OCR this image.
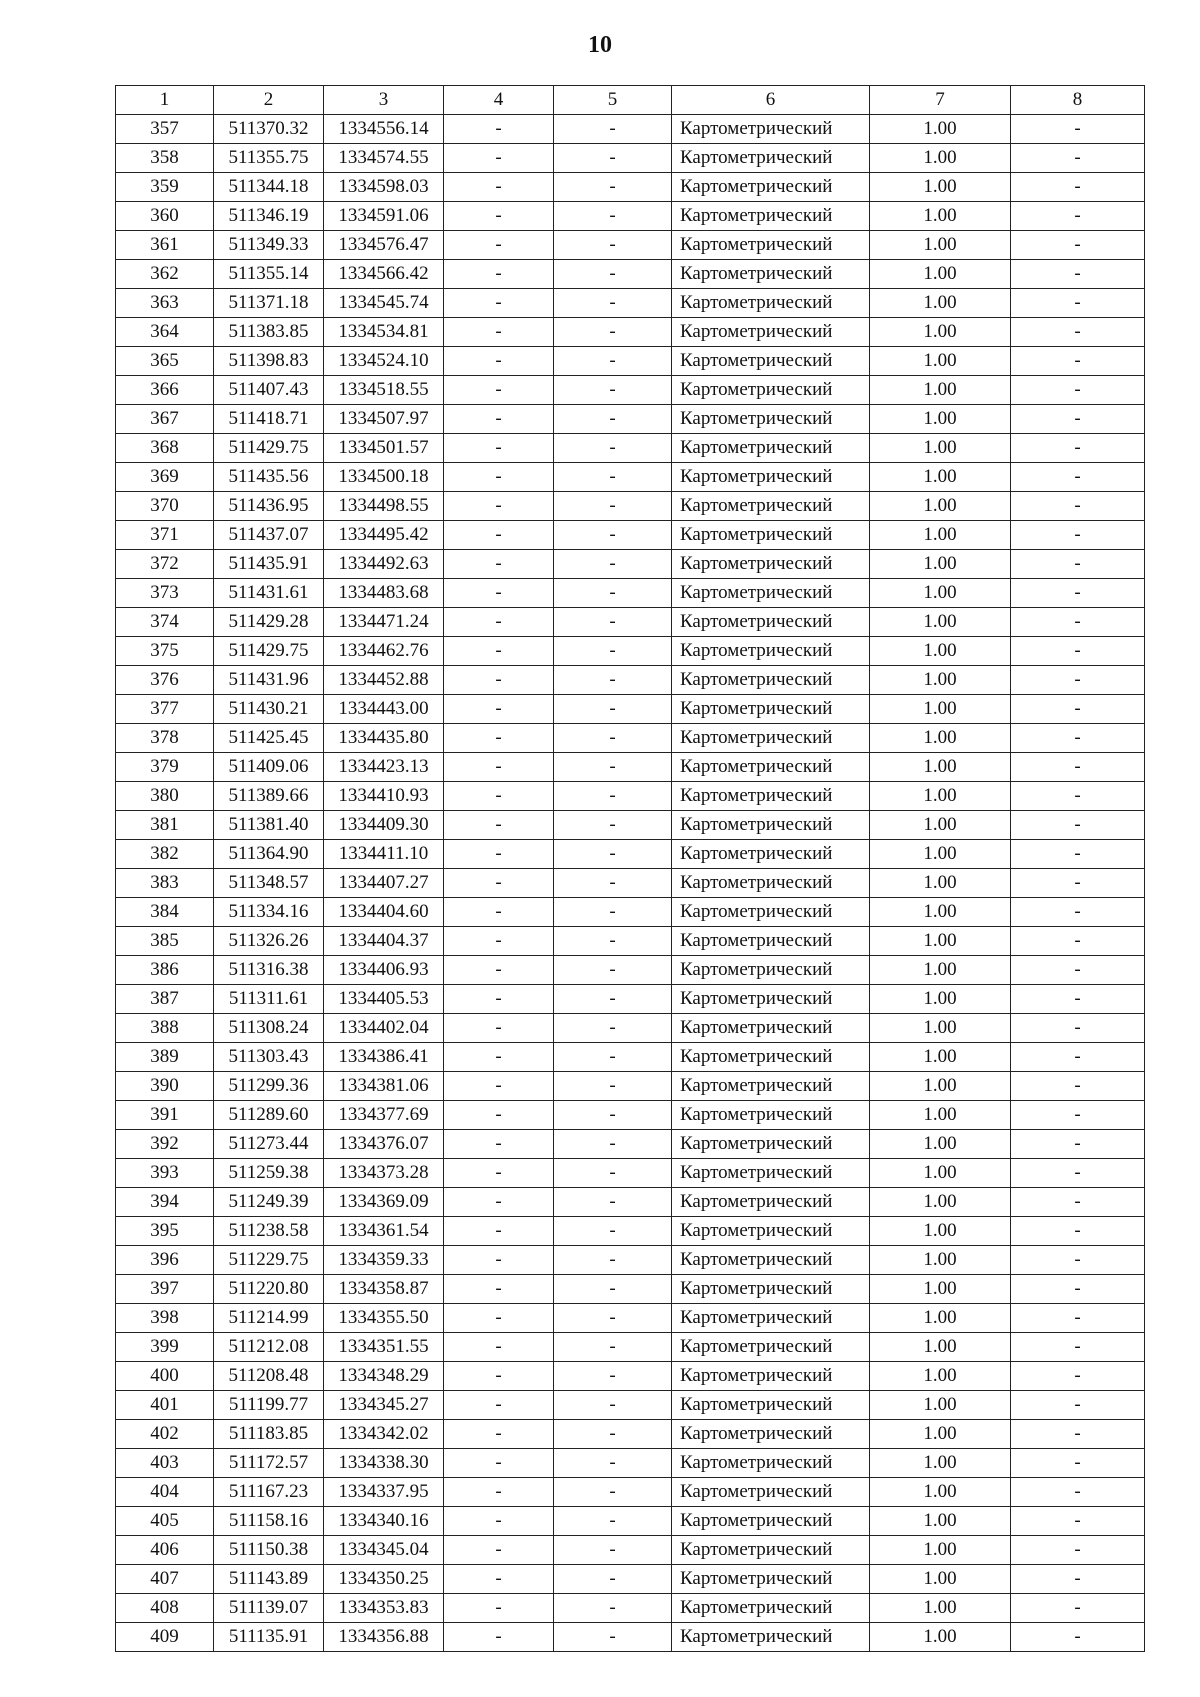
10
1	2	3	4	5	6	7	8
357	511370.32	1334556.14	-	-	Картометрический	1.00	-
358	511355.75	1334574.55	-	-	Картометрический	1.00	-
359	511344.18	1334598.03	-	-	Картометрический	1.00	-
360	511346.19	1334591.06	-	-	Картометрический	1.00	-
361	511349.33	1334576.47	-	-	Картометрический	1.00	-
362	511355.14	1334566.42	-	-	Картометрический	1.00	-
363	511371.18	1334545.74	-	-	Картометрический	1.00	-
364	511383.85	1334534.81	-	-	Картометрический	1.00	-
365	511398.83	1334524.10	-	-	Картометрический	1.00	-
366	511407.43	1334518.55	-	-	Картометрический	1.00	-
367	511418.71	1334507.97	-	-	Картометрический	1.00	-
368	511429.75	1334501.57	-	-	Картометрический	1.00	-
369	511435.56	1334500.18	-	-	Картометрический	1.00	-
370	511436.95	1334498.55	-	-	Картометрический	1.00	-
371	511437.07	1334495.42	-	-	Картометрический	1.00	-
372	511435.91	1334492.63	-	-	Картометрический	1.00	-
373	511431.61	1334483.68	-	-	Картометрический	1.00	-
374	511429.28	1334471.24	-	-	Картометрический	1.00	-
375	511429.75	1334462.76	-	-	Картометрический	1.00	-
376	511431.96	1334452.88	-	-	Картометрический	1.00	-
377	511430.21	1334443.00	-	-	Картометрический	1.00	-
378	511425.45	1334435.80	-	-	Картометрический	1.00	-
379	511409.06	1334423.13	-	-	Картометрический	1.00	-
380	511389.66	1334410.93	-	-	Картометрический	1.00	-
381	511381.40	1334409.30	-	-	Картометрический	1.00	-
382	511364.90	1334411.10	-	-	Картометрический	1.00	-
383	511348.57	1334407.27	-	-	Картометрический	1.00	-
384	511334.16	1334404.60	-	-	Картометрический	1.00	-
385	511326.26	1334404.37	-	-	Картометрический	1.00	-
386	511316.38	1334406.93	-	-	Картометрический	1.00	-
387	511311.61	1334405.53	-	-	Картометрический	1.00	-
388	511308.24	1334402.04	-	-	Картометрический	1.00	-
389	511303.43	1334386.41	-	-	Картометрический	1.00	-
390	511299.36	1334381.06	-	-	Картометрический	1.00	-
391	511289.60	1334377.69	-	-	Картометрический	1.00	-
392	511273.44	1334376.07	-	-	Картометрический	1.00	-
393	511259.38	1334373.28	-	-	Картометрический	1.00	-
394	511249.39	1334369.09	-	-	Картометрический	1.00	-
395	511238.58	1334361.54	-	-	Картометрический	1.00	-
396	511229.75	1334359.33	-	-	Картометрический	1.00	-
397	511220.80	1334358.87	-	-	Картометрический	1.00	-
398	511214.99	1334355.50	-	-	Картометрический	1.00	-
399	511212.08	1334351.55	-	-	Картометрический	1.00	-
400	511208.48	1334348.29	-	-	Картометрический	1.00	-
401	511199.77	1334345.27	-	-	Картометрический	1.00	-
402	511183.85	1334342.02	-	-	Картометрический	1.00	-
403	511172.57	1334338.30	-	-	Картометрический	1.00	-
404	511167.23	1334337.95	-	-	Картометрический	1.00	-
405	511158.16	1334340.16	-	-	Картометрический	1.00	-
406	511150.38	1334345.04	-	-	Картометрический	1.00	-
407	511143.89	1334350.25	-	-	Картометрический	1.00	-
408	511139.07	1334353.83	-	-	Картометрический	1.00	-
409	511135.91	1334356.88	-	-	Картометрический	1.00	-
